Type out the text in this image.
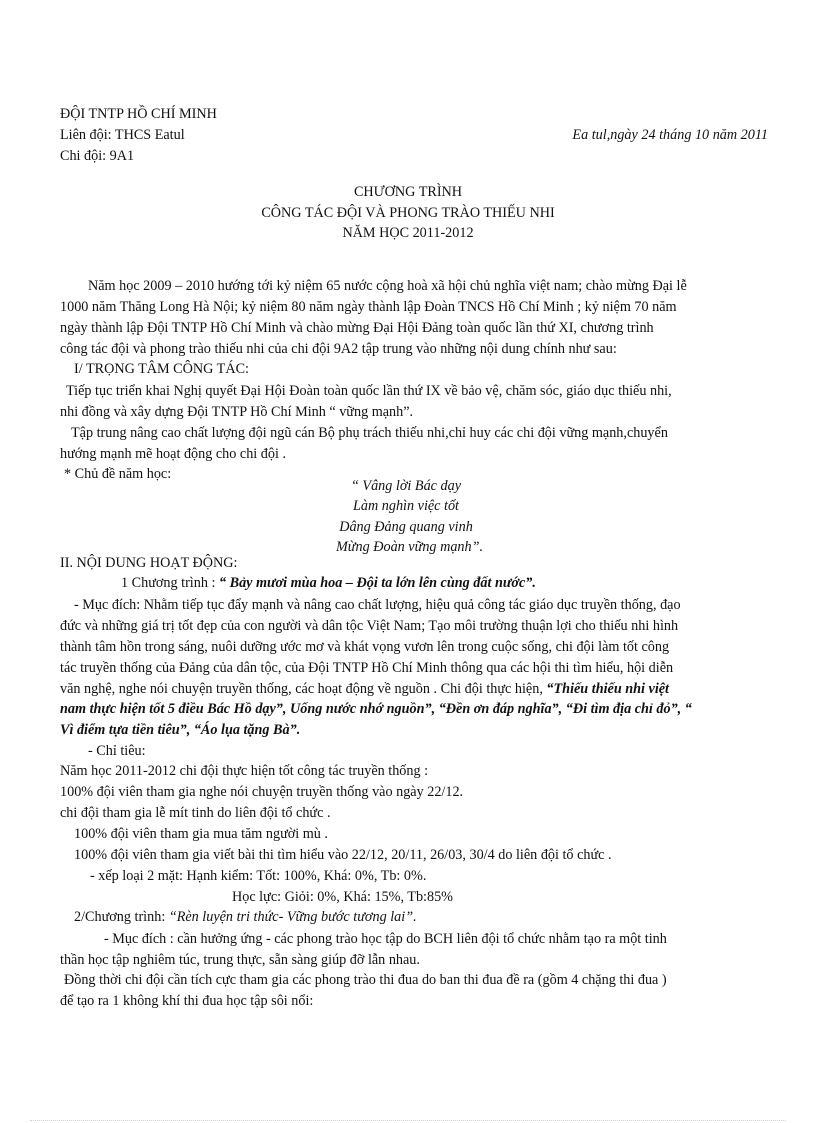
ĐỘI TNTP HỒ CHÍ MINH
Liên đội: THCS Eatul	Ea tul,ngày 24 tháng 10 năm 2011
Chi đội: 9A1
CHƯƠNG TRÌNH
CÔNG TÁC ĐỘI VÀ PHONG TRÀO THIẾU NHI
NĂM HỌC 2011-2012
Năm học 2009 – 2010 hướng tới kỷ niệm 65 nước cộng hoà xã hội chủ nghĩa việt nam; chào mừng Đại lễ
1000 năm Thăng Long Hà Nội; kỷ niệm 80 năm ngày thành lập Đoàn TNCS Hồ Chí Minh ; kỷ niệm 70 năm
ngày thành lập Đội TNTP Hồ Chí Minh và chào mừng Đại Hội Đảng toàn quốc lần thứ XI, chương trình
công tác đội và phong trào thiếu nhi của chi đội 9A2 tập trung vào những nội dung chính như sau:
I/ TRỌNG TÂM CÔNG TÁC:
Tiếp tục triển khai Nghị quyết Đại Hội Đoàn toàn quốc lần thứ IX về bảo vệ, chăm sóc, giáo dục thiếu nhi,
nhi đồng và xây dựng Đội TNTP Hồ Chí Minh “ vững mạnh”.
Tập trung nâng cao chất lượng đội ngũ cán Bộ phụ trách thiếu nhi,chỉ huy các chi đội vững mạnh,chuyển
hướng mạnh mẽ hoạt động cho chi đội .
* Chủ đề năm học:
“ Vâng lời Bác dạy
Làm nghìn việc tốt
Dâng Đảng quang vinh
Mừng Đoàn vững mạnh”.
II. NỘI DUNG HOẠT ĐỘNG:
1 Chương trình : “ Bảy mươi mùa hoa – Đội ta lớn lên cùng đất nước”.
- Mục đích: Nhằm tiếp tục đẩy mạnh và nâng cao chất lượng, hiệu quả công tác giáo dục truyền thống, đạo
đức và những giá trị tốt đẹp của con người và dân tộc Việt Nam; Tạo môi trường thuận lợi cho thiếu nhi hình
thành tâm hồn trong sáng, nuôi dưỡng ước mơ và khát vọng vươn lên trong cuộc sống, chi đội làm tốt công
tác truyền thống của Đảng của dân tộc, của Đội TNTP Hồ Chí Minh thông qua các hội thi tìm hiểu, hội diễn
văn nghệ, nghe nói chuyện truyền thống, các hoạt động về nguồn . Chi đội thực hiện, “Thiếu thiếu nhi việt
nam thực hiện tốt 5 điều Bác Hồ dạy”, Uống nước nhớ nguồn”, “Đền ơn đáp nghĩa”, “Đi tìm địa chỉ đỏ”, “
Vì điểm tựa tiền tiêu”, “Áo lụa tặng Bà”.
- Chỉ tiêu:
Năm học 2011-2012 chi đội thực hiện tốt công tác truyền thống :
100% đội viên tham gia nghe nói chuyện truyền thống vào ngày 22/12.
chi đội tham gia lễ mít tinh do liên đội tổ chức .
100% đội viên tham gia mua tăm người mù .
100% đội viên tham gia viết bài thi tìm hiểu vào 22/12, 20/11, 26/03, 30/4 do liên đội tổ chức .
- xếp loại 2 mặt: Hạnh kiểm: Tốt: 100%, Khá: 0%, Tb: 0%.
Học lực: Giỏi: 0%, Khá: 15%, Tb:85%
2/Chương trình: “Rèn luyện tri thức- Vững bước tương lai”.
- Mục đích : cần hưởng ứng - các phong trào học tập do BCH liên đội tổ chức nhằm tạo ra một tinh
thần học tập nghiêm túc, trung thực, sẵn sàng giúp đỡ lẫn nhau.
Đồng thời chi đội cần tích cực tham gia các phong trào thi đua do ban thi đua đề ra (gồm 4 chặng thi đua )
để tạo ra 1 không khí thi đua học tập sôi nổi:
